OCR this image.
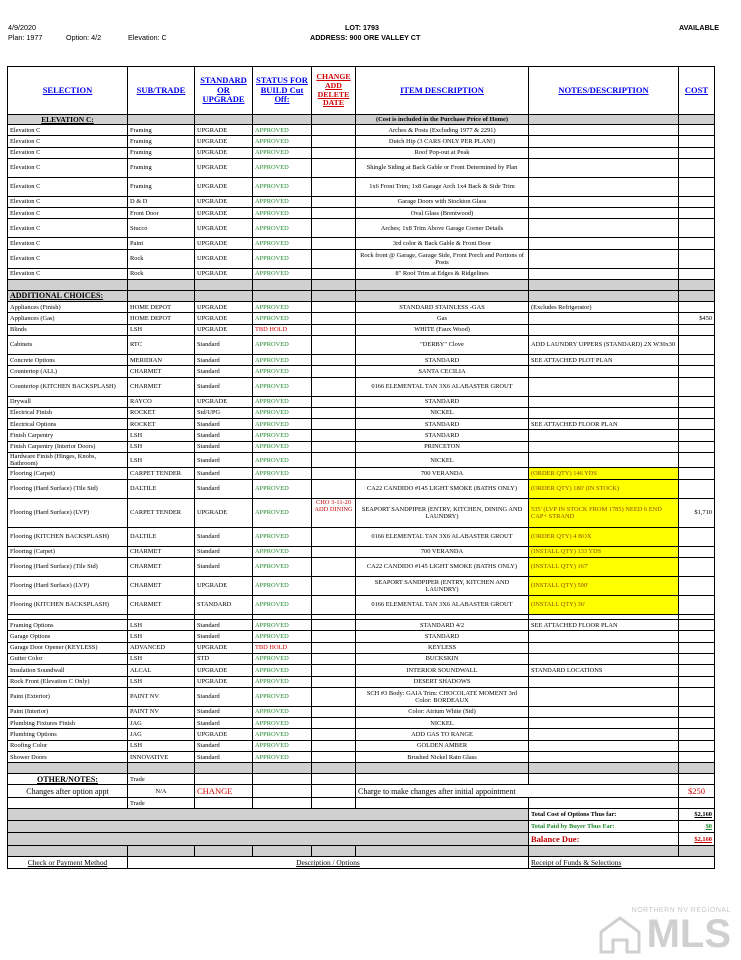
4/9/2020
Plan: 1977	Option: 4/2	Elevation: C
LOT: 1793
ADDRESS: 900 ORE VALLEY CT
AVAILABLE
SELECTION	SUB/TRADE	STANDARD OR UPGRADE	STATUS FOR BUILD Cut Off:	CHANGE ADD DELETE DATE	ITEM DESCRIPTION	NOTES/DESCRIPTION	COST
ELEVATION C:					(Cost is included in the Purchase Price of Home)		
Elevation C	Framing	UPGRADE	APPROVED		Arches & Posts (Excluding 1977 & 2291)		
Elevation C	Framing	UPGRADE	APPROVED		Dutch Hip (3 CARS ONLY PER PLAN!)		
Elevation C	Framing	UPGRADE	APPROVED		Roof Pop-out at Peak		
Elevation C	Framing	UPGRADE	APPROVED		Shingle Siding at Back Gable or Front Determined by Plan		
Elevation C	Framing	UPGRADE	APPROVED		1x6 Front Trim; 1x8 Garage Arch 1x4 Back & Side Trim		
Elevation C	D & D	UPGRADE	APPROVED		Garage Doors with Stockton Glass		
Elevation C	Front Door	UPGRADE	APPROVED		Oval Glass (Brentwood)		
Elevation C	Stucco	UPGRADE	APPROVED		Arches; 1x8 Trim Above Garage Corner Details		
Elevation C	Paint	UPGRADE	APPROVED		3rd color & Back Gable & Front Door		
Elevation C	Rock	UPGRADE	APPROVED		Rock front @ Garage, Garage Side, Front Porch and Portions of Posts		
Elevation C	Rock	UPGRADE	APPROVED		8" Roof Trim at Edges & Ridgelines		

ADDITIONAL CHOICES:							
Appliances (Finish)	HOME DEPOT	UPGRADE	APPROVED		STANDARD STAINLESS -GAS	(Excludes Refrigerator)	
Appliances (Gas)	HOME DEPOT	UPGRADE	APPROVED		Gas		$450
Blinds	LSH	UPGRADE	TBD HOLD		WHITE (Faux Wood)		
Cabinets	RTC	Standard	APPROVED		"DERBY" Clove	ADD LAUNDRY UPPERS (STANDARD) 2X W30x30	
Concrete Options	MERIDIAN	Standard	APPROVED		STANDARD	SEE ATTACHED PLOT PLAN	
Countertop (ALL)	CHARMET	Standard	APPROVED		SANTA CECILIA		
Countertop (KITCHEN BACKSPLASH)	CHARMET	Standard	APPROVED		0166 ELEMENTAL TAN 3X6 ALABASTER GROUT		
Drywall	RAYCO	UPGRADE	APPROVED		STANDARD		
Electrical Finish	ROCKET	Std/UPG	APPROVED		NICKEL		
Electrical Options	ROCKET	Standard	APPROVED		STANDARD	SEE ATTACHED FLOOR PLAN	
Finish Carpentry	LSH	Standard	APPROVED		STANDARD		
Finish Carpentry (Interior Doors)	LSH	Standard	APPROVED		PRINCETON		
Hardware Finish (Hinges, Knobs, Bathroom)	LSH	Standard	APPROVED		NICKEL		
Flooring (Carpet)	CARPET TENDER	Standard	APPROVED		700 VERANDA	(ORDER QTY) 146 YDS	
Flooring (Hard Surface) (Tile Std)	DALTILE	Standard	APPROVED		CA22 CANDIDO #145 LIGHT SMOKE (BATHS ONLY)	(ORDER QTY) 180' (IN STOCK)	
Flooring (Hard Surface) (LVP)	CARPET TENDER	UPGRADE	APPROVED	CHO 3-11-20 ADD DINING	SEAPORT SANDPIPER (ENTRY, KITCHEN, DINING AND LAUNDRY)	535' (LVP IN STOCK FROM 1785) NEED 6 END CAP+ STRAND	$1,710
Flooring (KITCHEN BACKSPLASH)	DALTILE	Standard	APPROVED		0166 ELEMENTAL TAN 3X6 ALABASTER GROUT	(ORDER QTY) 4 BOX	
Flooring (Carpet)	CHARMET	Standard	APPROVED		700 VERANDA	(INSTALL QTY) 133 YDS	
Flooring (Hard Surface) (Tile Std)	CHARMET	Standard	APPROVED		CA22 CANDIDO #145 LIGHT SMOKE (BATHS ONLY)	(INSTALL QTY) 167'	
Flooring (Hard Surface) (LVP)	CHARMET	UPGRADE	APPROVED		SEAPORT SANDPIPER (ENTRY, KITCHEN AND LAUNDRY)	(INSTALL QTY) 500'	
Flooring (KITCHEN BACKSPLASH)	CHARMET	STANDARD	APPROVED		0166 ELEMENTAL TAN 3X6 ALABASTER GROUT	(INSTALL QTY) 36'	

Framing Options	LSH	Standard	APPROVED		STANDARD 4/2	SEE ATTACHED FLOOR PLAN	
Garage Options	LSH	Standard	APPROVED		STANDARD		
Garage Door Opener (KEYLESS)	ADVANCED	UPGRADE	TBD HOLD		KEYLESS		
Gutter Color	LSH	STD	APPROVED		BUCKSKIN		
Insulation Soundwall	ALCAL	UPGRADE	APPROVED		INTERIOR SOUNDWALL	STANDARD LOCATIONS	
Rock Front (Elevation C Only)	LSH	UPGRADE	APPROVED		DESERT SHADOWS		
Paint (Exterior)	PAINT NV	Standard	APPROVED		SCH #3 Body: GAIA Trim: CHOCOLATE MOMENT 3rd Color: BORDEAUX		
Paint (Interior)	PAINT NV	Standard	APPROVED		Color: Atrium White (Std)		
Plumbing Fixtures Finish	JAG	Standard	APPROVED		NICKEL		
Plumbing Options	JAG	UPGRADE	APPROVED		ADD GAS TO RANGE		
Roofing Color	LSH	Standard	APPROVED		GOLDEN AMBER		
Shower Doors	INNOVATIVE	Standard	APPROVED		Brushed Nickel Rain Glass		

OTHER/NOTES:	Trade						
Changes after option appt	N/A	CHANGE			Charge to make changes after initial appointment		$250
	Trade						
						Total Cost of Options Thus far:	$2,160
						Total Paid by Buyer Thus Far:	$0
						Balance Due:	$2,160

Check or Payment Method	Description / Options					Receipt of Funds & Selections	
NORTHERN NV REGIONAL
MLS
